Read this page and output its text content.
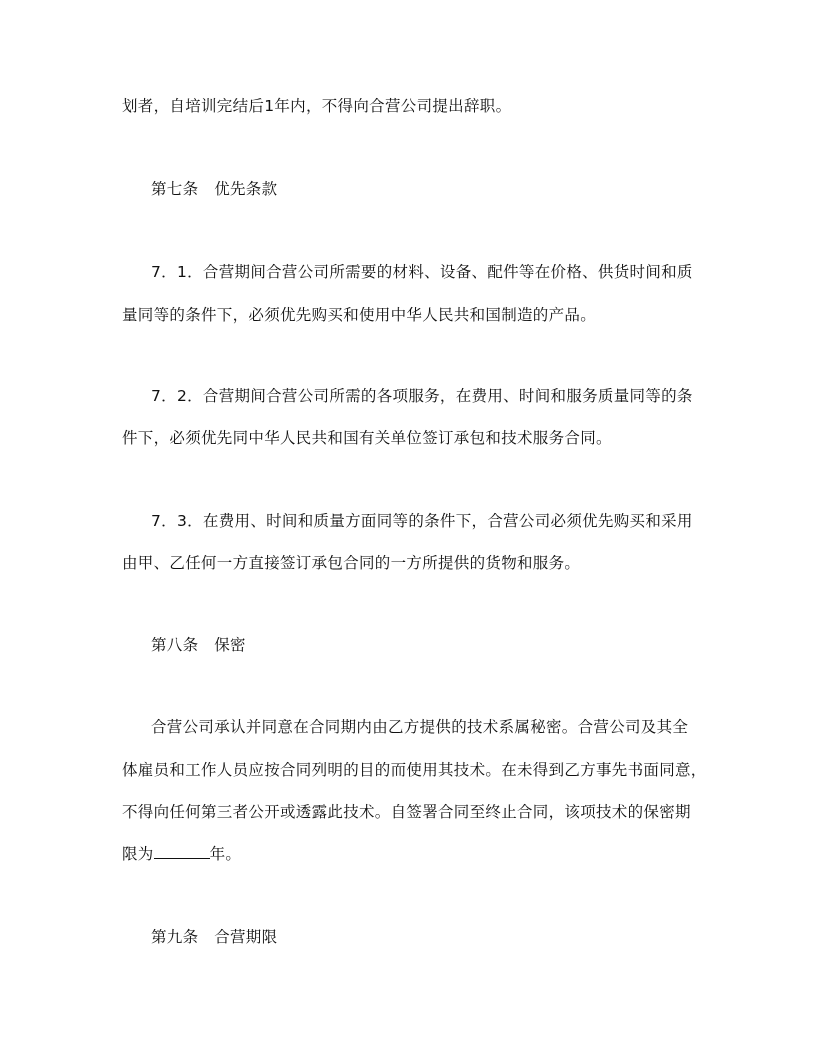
划者，自培训完结后1年内，不得向合营公司提出辞职。
第七条　优先条款
7．1．合营期间合营公司所需要的材料、设备、配件等在价格、供货时间和质
量同等的条件下，必须优先购买和使用中华人民共和国制造的产品。
7．2．合营期间合营公司所需的各项服务，在费用、时间和服务质量同等的条
件下，必须优先同中华人民共和国有关单位签订承包和技术服务合同。
7．3．在费用、时间和质量方面同等的条件下，合营公司必须优先购买和采用
由甲、乙任何一方直接签订承包合同的一方所提供的货物和服务。
第八条　保密
合营公司承认并同意在合同期内由乙方提供的技术系属秘密。合营公司及其全
体雇员和工作人员应按合同列明的目的而使用其技术。在未得到乙方事先书面同意，
不得向任何第三者公开或透露此技术。自签署合同至终止合同，该项技术的保密期
限为	年。
第九条　合营期限
